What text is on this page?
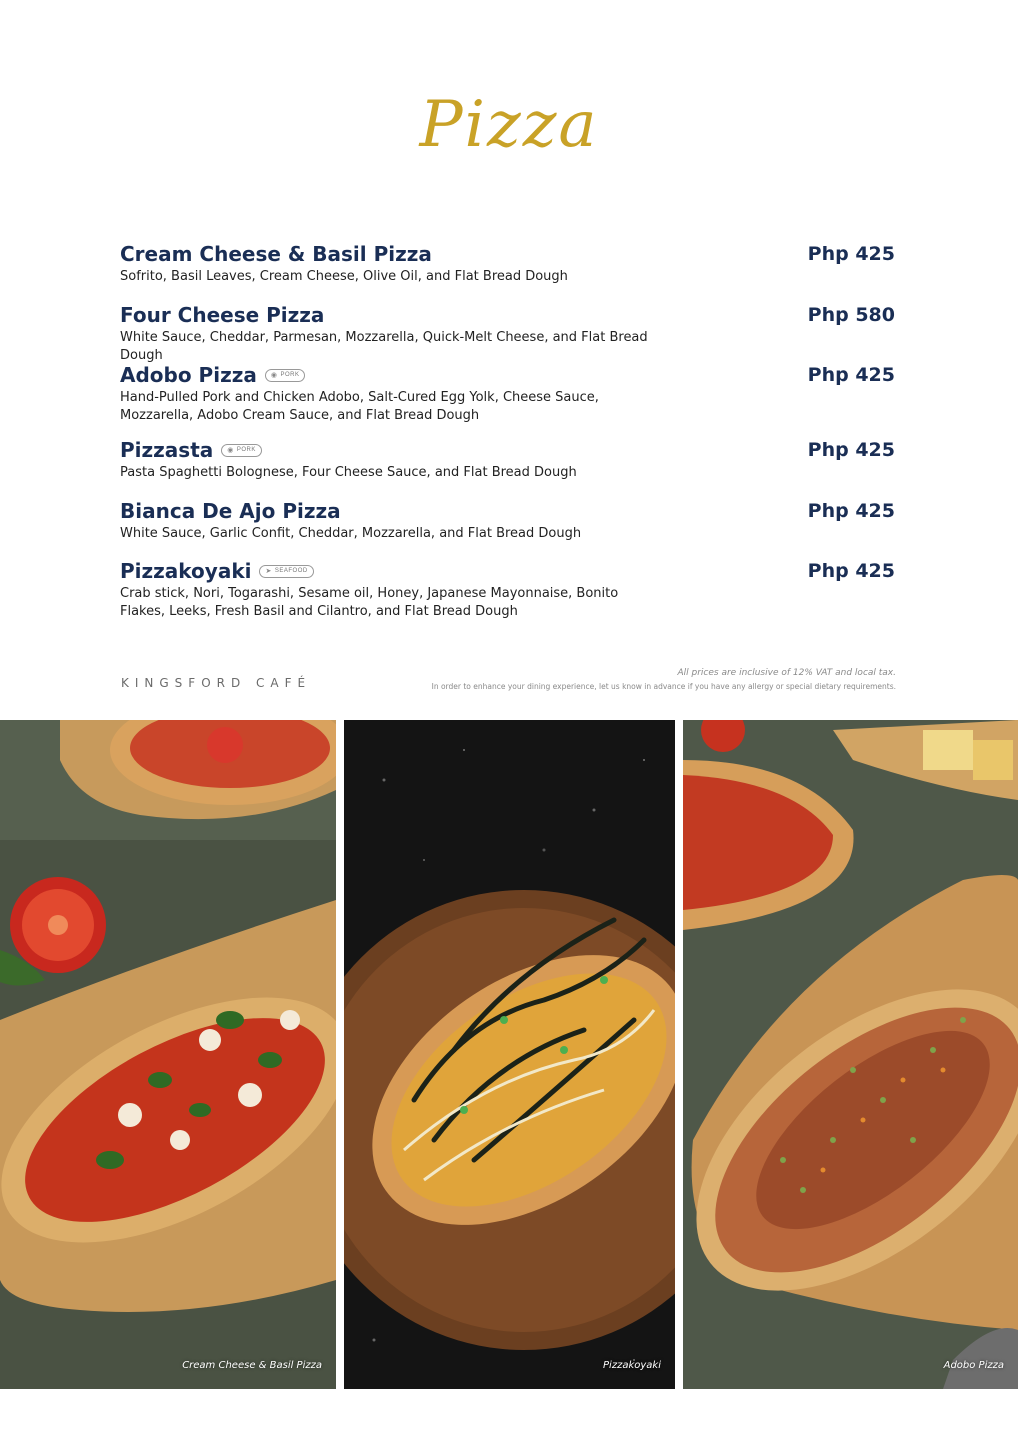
Pizza
Cream Cheese & Basil Pizza	Php 425
Sofrito, Basil Leaves, Cream Cheese, Olive Oil, and Flat Bread Dough
Four Cheese Pizza	Php 580
White Sauce, Cheddar, Parmesan, Mozzarella, Quick-Melt Cheese, and Flat Bread Dough
Adobo Pizza ◉ PORK	Php 425
Hand-Pulled Pork and Chicken Adobo, Salt-Cured Egg Yolk, Cheese Sauce, Mozzarella, Adobo Cream Sauce, and Flat Bread Dough
Pizzasta ◉ PORK	Php 425
Pasta Spaghetti Bolognese, Four Cheese Sauce, and Flat Bread Dough
Bianca De Ajo Pizza	Php 425
White Sauce, Garlic Confit, Cheddar, Mozzarella, and Flat Bread Dough
Pizzakoyaki ➤ SEAFOOD	Php 425
Crab stick, Nori, Togarashi, Sesame oil, Honey, Japanese Mayonnaise, Bonito Flakes, Leeks, Fresh Basil and Cilantro, and Flat Bread Dough
KINGSFORD CAFÉ
All prices are inclusive of 12% VAT and local tax.
In order to enhance your dining experience, let us know in advance if you have any allergy or special dietary requirements.
Cream Cheese & Basil Pizza	Pizzakoyaki	Adobo Pizza
